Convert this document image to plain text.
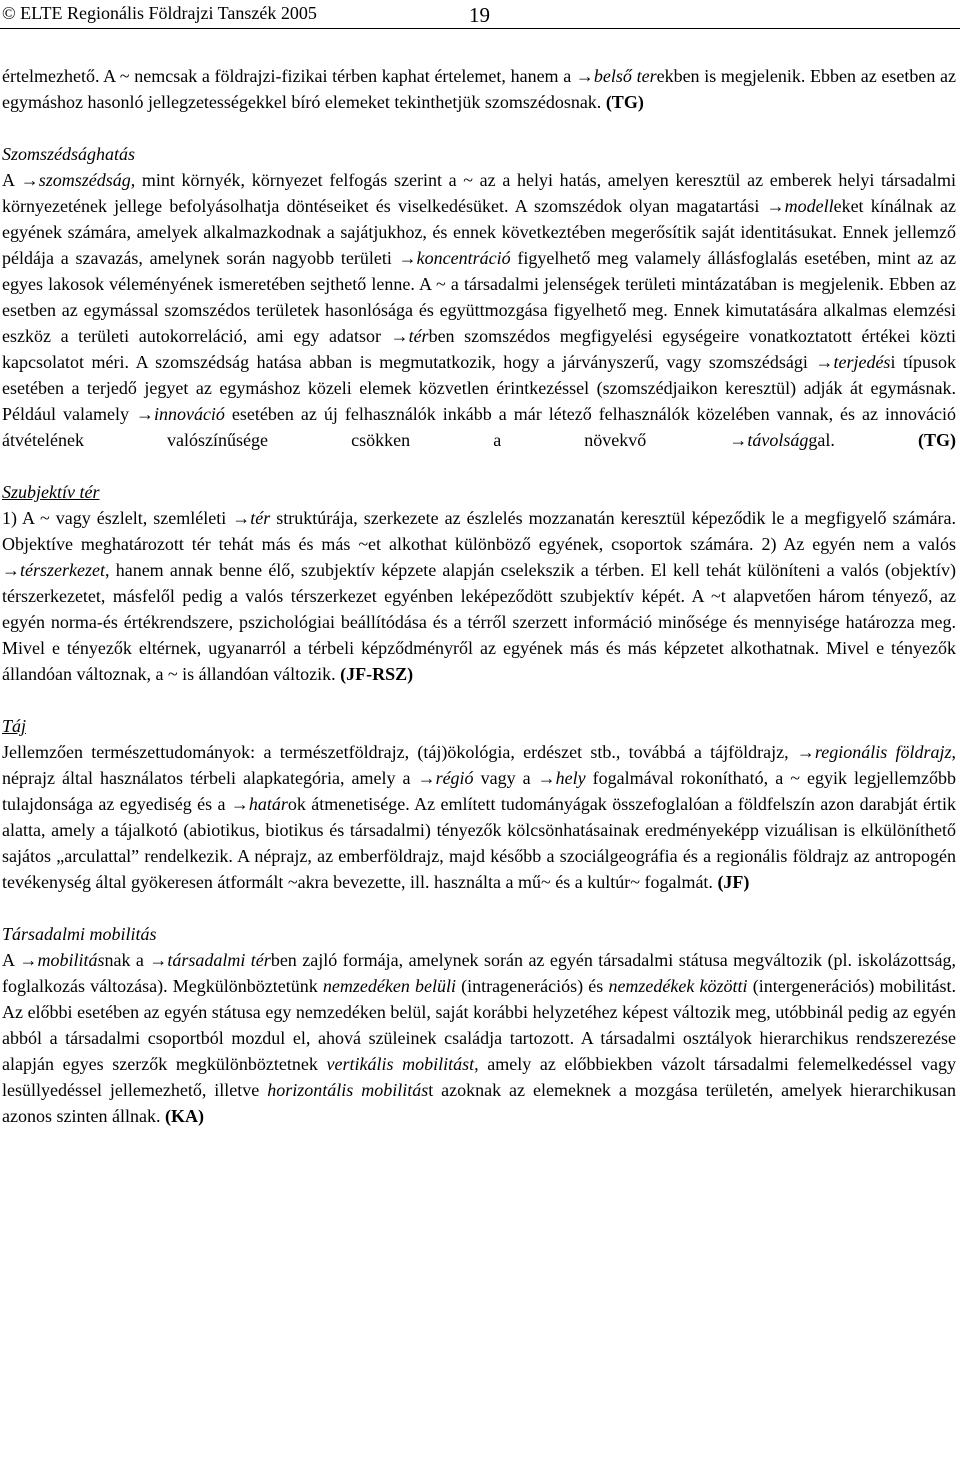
© ELTE Regionális Földrajzi Tanszék 2005	19

értelmezhető. A ~ nemcsak a földrajzi-fizikai térben kaphat értelemet, hanem a →belső terekben is megjelenik. Ebben az esetben az egymáshoz hasonló jellegzetességekkel bíró elemeket tekinthetjük szomszédosnak. (TG)

Szomszédsághatás

A →szomszédság, mint környék, környezet felfogás szerint a ~ az a helyi hatás, amelyen keresztül az emberek helyi társadalmi környezetének jellege befolyásolhatja döntéseiket és viselkedésüket. A szomszédok olyan magatartási →modelleket kínálnak az egyének számára, amelyek alkalmazkodnak a sajátjukhoz, és ennek következtében megerősítik saját identitásukat. Ennek jellemző példája a szavazás, amelynek során nagyobb területi →koncentráció figyelhető meg valamely állásfoglalás esetében, mint az az egyes lakosok véleményének ismeretében sejthető lenne. A ~ a társadalmi jelenségek területi mintázatában is megjelenik. Ebben az esetben az egymással szomszédos területek hasonlósága és együttmozgása figyelhető meg. Ennek kimutatására alkalmas elemzési eszköz a területi autokorreláció, ami egy adatsor →térben szomszédos megfigyelési egységeire vonatkoztatott értékei közti kapcsolatot méri. A szomszédság hatása abban is megmutatkozik, hogy a járványszerű, vagy szomszédsági →terjedési típusok esetében a terjedő jegyet az egymáshoz közeli elemek közvetlen érintkezéssel (szomszédjaikon keresztül) adják át egymásnak. Például valamely →innováció esetében az új felhasználók inkább a már létező felhasználók közelében vannak, és az innováció átvételének valószínűsége csökken a növekvő →távolsággal. (TG)

Szubjektív tér

1) A ~ vagy észlelt, szemléleti →tér struktúrája, szerkezete az észlelés mozzanatán keresztül képeződik le a megfigyelő számára. Objektíve meghatározott tér tehát más és más ~et alkothat különböző egyének, csoportok számára. 2) Az egyén nem a valós →térszerkezet, hanem annak benne élő, szubjektív képzete alapján cselekszik a térben. El kell tehát különíteni a valós (objektív) térszerkezetet, másfelől pedig a valós térszerkezet egyénben leképeződött szubjektív képét. A ~t alapvetően három tényező, az egyén norma-és értékrendszere, pszichológiai beállítódása és a térről szerzett információ minősége és mennyisége határozza meg. Mivel e tényezők eltérnek, ugyanarról a térbeli képződményről az egyének más és más képzetet alkothatnak. Mivel e tényezők állandóan változnak, a ~ is állandóan változik. (JF-RSZ)

Táj

Jellemzően természettudományok: a természetföldrajz, (táj)ökológia, erdészet stb., továbbá a tájföldrajz, →regionális földrajz, néprajz által használatos térbeli alapkategória, amely a →régió vagy a →hely fogalmával rokonítható, a ~ egyik legjellemzőbb tulajdonsága az egyediség és a →határok átmenetisége. Az említett tudományágak összefoglalóan a földfelszín azon darabját értik alatta, amely a tájalkotó (abiotikus, biotikus és társadalmi) tényezők kölcsönhatásainak eredményeképp vizuálisan is elkülöníthető sajátos „arculattal” rendelkezik. A néprajz, az emberföldrajz, majd később a szociálgeográfia és a regionális földrajz az antropogén tevékenység által gyökeresen átformált ~akra bevezette, ill. használta a mű~ és a kultúr~ fogalmát. (JF)

Társadalmi mobilitás

A →mobilitásnak a →társadalmi térben zajló formája, amelynek során az egyén társadalmi státusa megváltozik (pl. iskolázottság, foglalkozás változása). Megkülönböztetünk nemzedéken belüli (intragenerációs) és nemzedékek közötti (intergenerációs) mobilitást. Az előbbi esetében az egyén státusa egy nemzedéken belül, saját korábbi helyzetéhez képest változik meg, utóbbinál pedig az egyén abból a társadalmi csoportból mozdul el, ahová szüleinek családja tartozott. A társadalmi osztályok hierarchikus rendszerezése alapján egyes szerzők megkülönböztetnek vertikális mobilitást, amely az előbbiekben vázolt társadalmi felemelkedéssel vagy lesüllyedéssel jellemezhető, illetve horizontális mobilitást azoknak az elemeknek a mozgása területén, amelyek hierarchikusan azonos szinten állnak. (KA)
